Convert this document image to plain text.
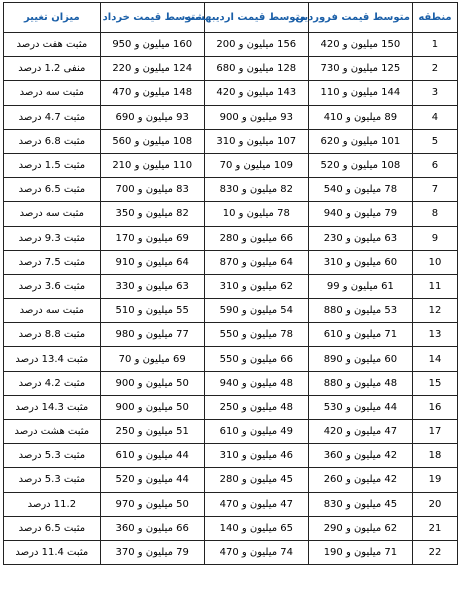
منطقه	متوسط قیمت فروردین	متوسط قیمت اردیبهشت	متوسط قیمت خرداد	میزان تغییر
1	150 میلیون و 420	156 میلیون و 200	160 میلیون و 950	مثبت هفت درصد
2	125 میلیون و 730	128 میلیون و 680	124 میلیون و 220	منفی 1.2 درصد
3	144 میلیون و 110	143 میلیون و 420	148 میلیون و 470	مثبت سه درصد
4	89 میلیون و 410	93 میلیون و 900	93 میلیون و 690	مثبت 4.7 درصد
5	101 میلیون و 620	107 میلیون و 310	108 میلیون و 560	مثبت 6.8 درصد
6	108 میلیون و 520	109 میلیون و 70	110 میلیون و 210	مثبت 1.5 درصد
7	78 میلیون و 540	82 میلیون و 830	83 میلیون و 700	مثبت 6.5 درصد
8	79 میلیون و 940	78 میلیون و 10	82 میلیون و 350	مثبت سه درصد
9	63 میلیون و 230	66 میلیون و 280	69 میلیون و 170	مثبت 9.3 درصد
10	60 میلیون و 310	64 میلیون و 870	64 میلیون و 910	مثبت 7.5 درصد
11	61 میلیون و 99	62 میلیون و 310	63 میلیون و 330	مثبت 3.6 درصد
12	53 میلیون و 880	54 میلیون و 590	55 میلیون و 510	مثبت سه درصد
13	71 میلیون و 610	78 میلیون و 550	77 میلیون و 980	مثبت 8.8 درصد
14	60 میلیون و 890	66 میلیون و 550	69 میلیون و 70	مثبت 13.4 درصد
15	48 میلیون و 880	48 میلیون و 940	50 میلیون و 900	مثبت 4.2 درصد
16	44 میلیون و 530	48 میلیون و 250	50 میلیون و 900	مثبت 14.3 درصد
17	47 میلیون و 420	49 میلیون و 610	51 میلیون و 250	مثبت هشت درصد
18	42 میلیون و 360	46 میلیون و 310	44 میلیون و 610	مثبت 5.3 درصد
19	42 میلیون و 260	45 میلیون و 280	44 میلیون و 520	مثبت 5.3 درصد
20	45 میلیون و 830	47 میلیون و 470	50 میلیون و 970	11.2 درصد
21	62 میلیون و 290	65 میلیون و 140	66 میلیون و 360	مثبت 6.5 درصد
22	71 میلیون و 190	74 میلیون و 470	79 میلیون و 370	مثبت 11.4 درصد
